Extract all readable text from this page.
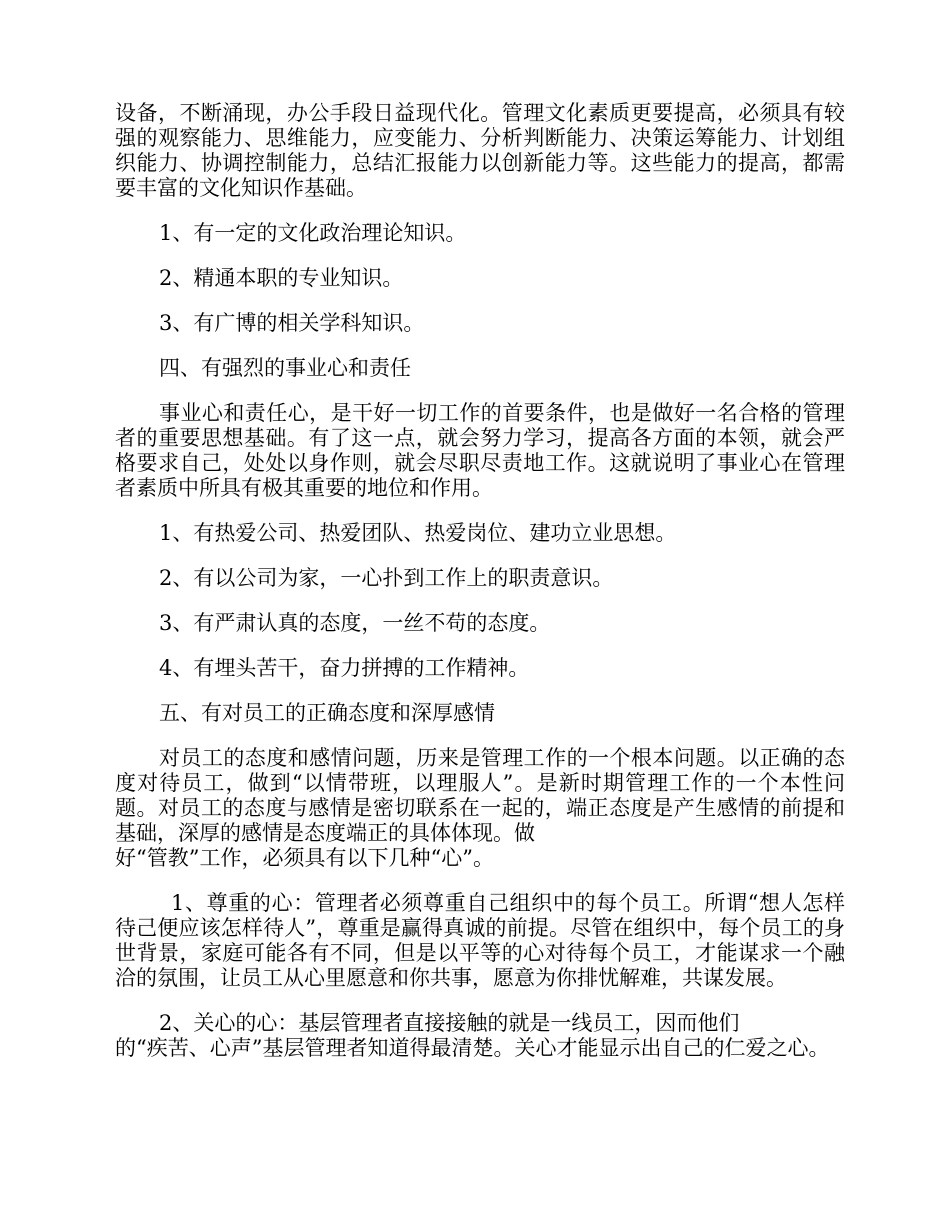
设备，不断涌现，办公手段日益现代化。管理文化素质更要提高，必须具有较强的观察能力、思维能力，应变能力、分析判断能力、决策运筹能力、计划组织能力、协调控制能力，总结汇报能力以创新能力等。这些能力的提高，都需要丰富的文化知识作基础。

1、有一定的文化政治理论知识。

2、精通本职的专业知识。

3、有广博的相关学科知识。

四、有强烈的事业心和责任

事业心和责任心，是干好一切工作的首要条件，也是做好一名合格的管理者的重要思想基础。有了这一点，就会努力学习，提高各方面的本领，就会严格要求自己，处处以身作则，就会尽职尽责地工作。这就说明了事业心在管理者素质中所具有极其重要的地位和作用。

1、有热爱公司、热爱团队、热爱岗位、建功立业思想。

2、有以公司为家，一心扑到工作上的职责意识。

3、有严肃认真的态度，一丝不苟的态度。

4、有埋头苦干，奋力拼搏的工作精神。

五、有对员工的正确态度和深厚感情

对员工的态度和感情问题，历来是管理工作的一个根本问题。以正确的态度对待员工，做到“以情带班，以理服人”。是新时期管理工作的一个本性问题。对员工的态度与感情是密切联系在一起的，端正态度是产生感情的前提和基础，深厚的感情是态度端正的具体体现。做
好“管教”工作，必须具有以下几种“心”。

1、尊重的心：管理者必须尊重自己组织中的每个员工。所谓“想人怎样待己便应该怎样待人”，尊重是赢得真诚的前提。尽管在组织中，每个员工的身世背景，家庭可能各有不同，但是以平等的心对待每个员工，才能谋求一个融洽的氛围，让员工从心里愿意和你共事，愿意为你排忧解难，共谋发展。

2、关心的心：基层管理者直接接触的就是一线员工，因而他们
的“疾苦、心声”基层管理者知道得最清楚。关心才能显示出自己的仁爱之心。
